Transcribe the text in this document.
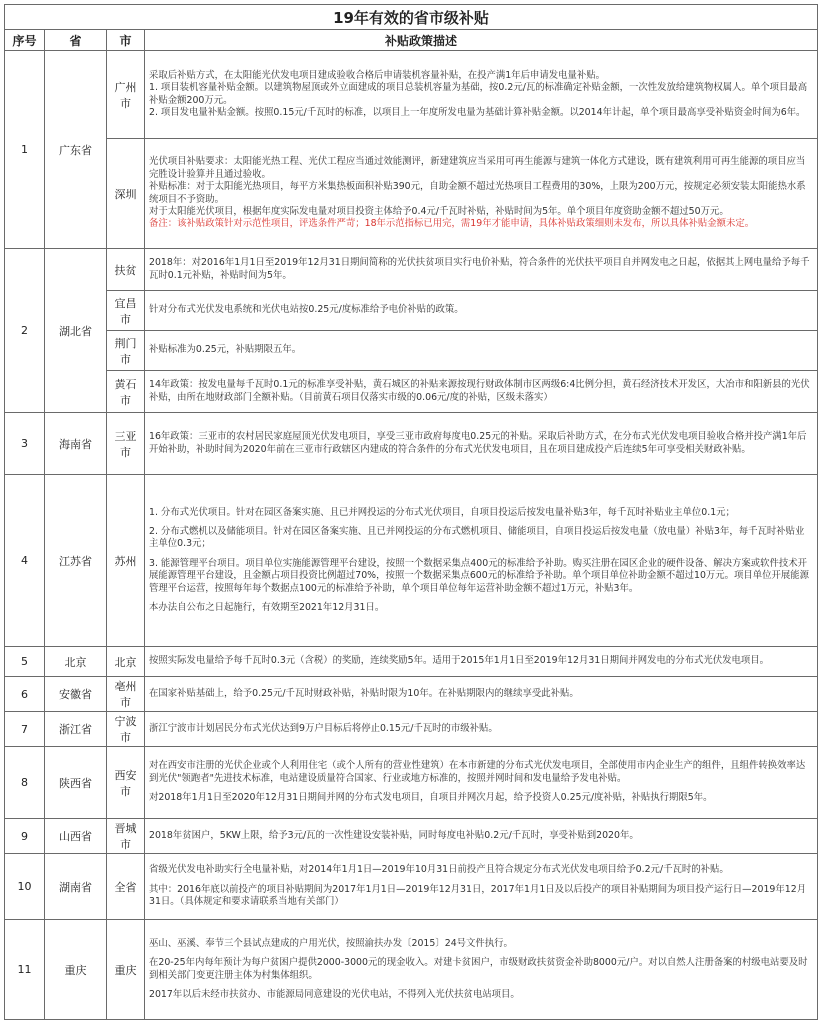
19年有效的省市级补贴			
序号	省	市	补贴政策描述
1	广东省	广州市	采取后补贴方式，在太阳能光伏发电项目建成验收合格后申请装机容量补贴，在投产满1年后申请发电量补贴。

1. 项目装机容量补贴金额。以建筑物屋顶或外立面建成的项目总装机容量为基础，按0.2元/瓦的标准确定补贴金额，一次性发放给建筑物权属人。单个项目最高补贴金额200万元。

2. 项目发电量补贴金额。按照0.15元/千瓦时的标准，以项目上一年度所发电量为基础计算补贴金额。以2014年计起，单个项目最高享受补贴资金时间为6年。

		深圳	光伏项目补贴要求：太阳能光热工程、光伏工程应当通过效能测评，新建建筑应当采用可再生能源与建筑一体化方式建设，既有建筑利用可再生能源的项目应当完胜设计验算并且通过验收。

补贴标准：对于太阳能光热项目，每平方米集热板面积补贴390元，自助金额不超过光热项目工程费用的30%，上限为200万元，按规定必须安装太阳能热水系统项目不予资助。

对于太阳能光伏项目，根据年度实际发电量对项目投资主体给予0.4元/千瓦时补贴，补贴时间为5年。单个项目年度资助金额不超过50万元。

备注：该补贴政策针对示范性项目，评选条件严苛；18年示范指标已用完，需19年才能申请，具体补贴政策细则未发布，所以具体补贴金额未定。

2	湖北省	扶贫	2018年：对2016年1月1日至2019年12月31日期间简称的光伏扶贫项目实行电价补贴，符合条件的光伏扶平项目自并网发电之日起，依据其上网电量给予每千瓦时0.1元补贴，补贴时间为5年。
		宜昌市	针对分布式光伏发电系统和光伏电站按0.25元/度标准给予电价补贴的政策。
		荆门市	补贴标准为0.25元，补贴期限五年。
		黄石市	14年政策：按发电量每千瓦时0.1元的标准享受补贴，黄石城区的补贴来源按现行财政体制市区两级6:4比例分担，黄石经济技术开发区，大冶市和阳新县的光伏补贴，由所在地财政部门全额补贴。（目前黄石项目仅落实市级的0.06元/度的补贴，区级未落实）
3	海南省	三亚市	16年政策：三亚市的农村居民家庭屋顶光伏发电项目，享受三亚市政府每度电0.25元的补贴。采取后补助方式，在分布式光伏发电项目验收合格并投产满1年后开始补助，补助时间为2020年前在三亚市行政辖区内建成的符合条件的分布式光伏发电项目，且在项目建成投产后连续5年可享受相关财政补贴。
4	江苏省	苏州	1. 分布式光伏项目。针对在园区备案实施、且已并网投运的分布式光伏项目，自项目投运后按发电量补贴3年，每千瓦时补贴业主单位0.1元；

2. 分布式燃机以及储能项目。针对在园区备案实施、且已并网投运的分布式燃机项目、储能项目，自项目投运后按发电量（放电量）补贴3年，每千瓦时补贴业主单位0.3元；

3. 能源管理平台项目。项目单位实施能源管理平台建设，按照一个数据采集点400元的标准给予补助。购买注册在园区企业的硬件设备、解决方案或软件技术开展能源管理平台建设，且金额占项目投资比例超过70%，按照一个数据采集点600元的标准给予补助。单个项目单位补助金额不超过10万元。项目单位开展能源管理平台运营，按照每年每个数据点100元的标准给予补助，单个项目单位每年运营补助金额不超过1万元，补贴3年。

本办法自公布之日起施行，有效期至2021年12月31日。

5	北京	北京	按照实际发电量给予每千瓦时0.3元（含税）的奖励，连续奖励5年。适用于2015年1月1日至2019年12月31日期间并网发电的分布式光伏发电项目。
6	安徽省	亳州市	在国家补贴基础上，给予0.25元/千瓦时财政补贴，补贴时限为10年。在补贴期限内的继续享受此补贴。
7	浙江省	宁波市	浙江宁波市计划居民分布式光伏达到9万户目标后将停止0.15元/千瓦时的市级补贴。
8	陕西省	西安市	对在西安市注册的光伏企业或个人利用住宅（或个人所有的营业性建筑）在本市新建的分布式光伏发电项目，全部使用市内企业生产的组件，且组件转换效率达到光伏"领跑者"先进技术标准，电站建设质量符合国家、行业或地方标准的，按照并网时间和发电量给予发电补贴。

对2018年1月1日至2020年12月31日期间并网的分布式发电项目，自项目并网次月起，给予投资人0.25元/度补贴，补贴执行期限5年。

9	山西省	晋城市	2018年贫困户，5KW上限，给予3元/瓦的一次性建设安装补贴，同时每度电补贴0.2元/千瓦时，享受补贴到2020年。
10	湖南省	全省	省级光伏发电补助实行全电量补贴，对2014年1月1日—2019年10月31日前投产且符合规定分布式光伏发电项目给予0.2元/千瓦时的补贴。

其中：2016年底以前投产的项目补贴期间为2017年1月1日—2019年12月31日，2017年1月1日及以后投产的项目补贴期间为项目投产运行日—2019年12月31日。（具体规定和要求请联系当地有关部门）

11	重庆	重庆	巫山、巫溪、奉节三个县试点建成的户用光伏，按照渝扶办发〔2015〕24号文件执行。

在20-25年内每年预计为每户贫困户提供2000-3000元的现金收入。对建卡贫困户，市级财政扶贫资金补助8000元/户。对以自然人注册备案的村级电站要及时到相关部门变更注册主体为村集体组织。

2017年以后未经市扶贫办、市能源局同意建设的光伏电站，不得列入光伏扶贫电站项目。
